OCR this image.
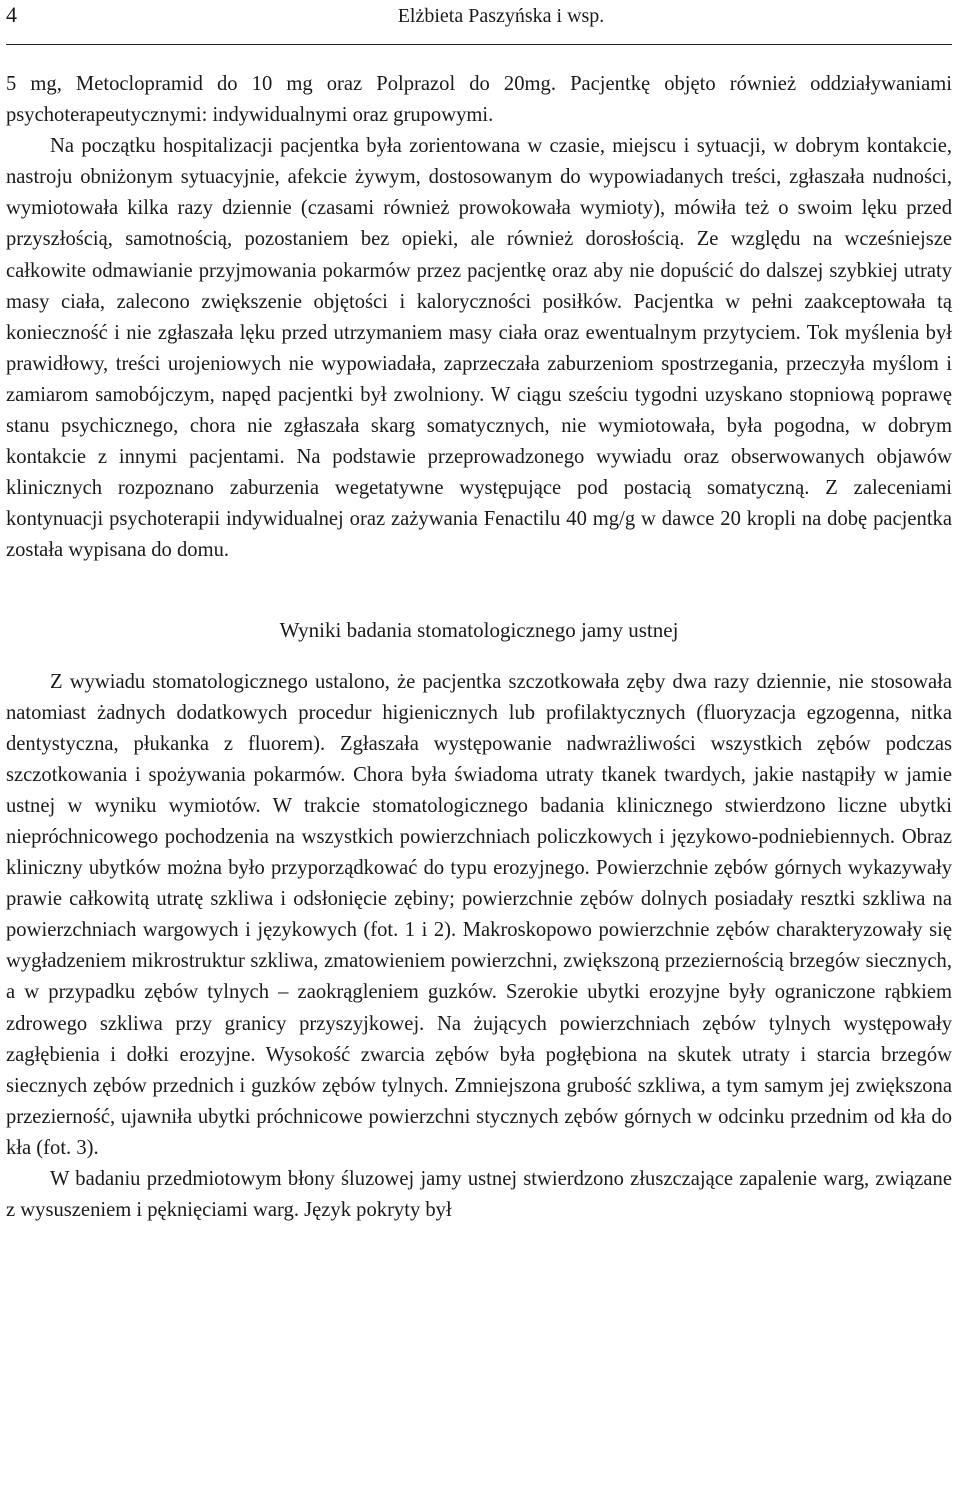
4	Elżbieta Paszyńska i wsp.

5 mg, Metoclopramid do 10 mg oraz Polprazol do 20mg. Pacjentkę objęto również oddziaływaniami psychoterapeutycznymi: indywidualnymi oraz grupowymi.

Na początku hospitalizacji pacjentka była zorientowana w czasie, miejscu i sytuacji, w dobrym kontakcie, nastroju obniżonym sytuacyjnie, afekcie żywym, dostosowanym do wypowiadanych treści, zgłaszała nudności, wymiotowała kilka razy dziennie (czasami również prowokowała wymioty), mówiła też o swoim lęku przed przyszłością, samotnością, pozostaniem bez opieki, ale również dorosłością. Ze względu na wcześniejsze całkowite odmawianie przyjmowania pokarmów przez pacjentkę oraz aby nie dopuścić do dalszej szybkiej utraty masy ciała, zalecono zwiększenie objętości i kaloryczności posiłków. Pacjentka w pełni zaakceptowała tą konieczność i nie zgłaszała lęku przed utrzymaniem masy ciała oraz ewentualnym przytyciem. Tok myślenia był prawidłowy, treści urojeniowych nie wypowiadała, zaprzeczała zaburzeniom spostrzegania, przeczyła myślom i zamiarom samobójczym, napęd pacjentki był zwolniony. W ciągu sześciu tygodni uzyskano stopniową poprawę stanu psychicznego, chora nie zgłaszała skarg somatycznych, nie wymiotowała, była pogodna, w dobrym kontakcie z innymi pacjentami. Na podstawie przeprowadzonego wywiadu oraz obserwowanych objawów klinicznych rozpoznano zaburzenia wegetatywne występujące pod postacią somatyczną. Z zaleceniami kontynuacji psychoterapii indywidualnej oraz zażywania Fenactilu 40 mg/g w dawce 20 kropli na dobę pacjentka została wypisana do domu.

Wyniki badania stomatologicznego jamy ustnej

Z wywiadu stomatologicznego ustalono, że pacjentka szczotkowała zęby dwa razy dziennie, nie stosowała natomiast żadnych dodatkowych procedur higienicznych lub profilaktycznych (fluoryzacja egzogenna, nitka dentystyczna, płukanka z fluorem). Zgłaszała występowanie nadwrażliwości wszystkich zębów podczas szczotkowania i spożywania pokarmów. Chora była świadoma utraty tkanek twardych, jakie nastąpiły w jamie ustnej w wyniku wymiotów. W trakcie stomatologicznego badania klinicznego stwierdzono liczne ubytki niepróchnicowego pochodzenia na wszystkich powierzchniach policzkowych i językowo-podniebiennych. Obraz kliniczny ubytków można było przyporządkować do typu erozyjnego. Powierzchnie zębów górnych wykazywały prawie całkowitą utratę szkliwa i odsłonięcie zębiny; powierzchnie zębów dolnych posiadały resztki szkliwa na powierzchniach wargowych i językowych (fot. 1 i 2). Makroskopowo powierzchnie zębów charakteryzowały się wygładzeniem mikrostruktur szkliwa, zmatowieniem powierzchni, zwiększoną przeziernością brzegów siecznych, a w przypadku zębów tylnych – zaokrągleniem guzków. Szerokie ubytki erozyjne były ograniczone rąbkiem zdrowego szkliwa przy granicy przyszyjkowej. Na żujących powierzchniach zębów tylnych występowały zagłębienia i dołki erozyjne. Wysokość zwarcia zębów była pogłębiona na skutek utraty i starcia brzegów siecznych zębów przednich i guzków zębów tylnych. Zmniejszona grubość szkliwa, a tym samym jej zwiększona przezierność, ujawniła ubytki próchnicowe powierzchni stycznych zębów górnych w odcinku przednim od kła do kła (fot. 3).

W badaniu przedmiotowym błony śluzowej jamy ustnej stwierdzono złuszczające zapalenie warg, związane z wysuszeniem i pęknięciami warg. Język pokryty był
